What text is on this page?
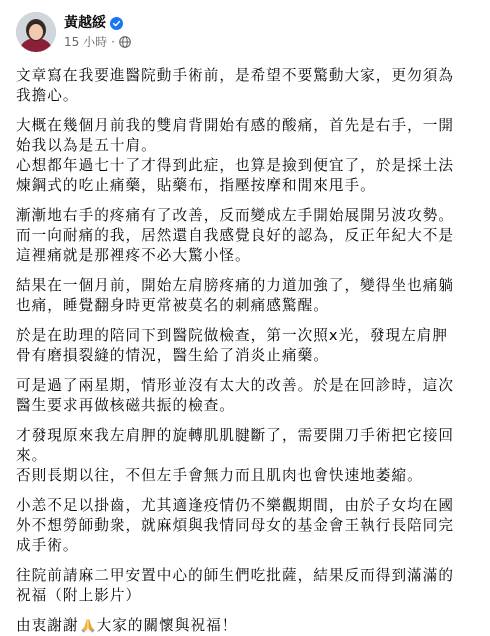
黃越綏
15 小時 ·

文章寫在我要進醫院動手術前，是希望不要驚動大家，更勿須為我擔心。

大概在幾個月前我的雙肩背開始有感的酸痛，首先是右手，一開始我以為是五十肩。
心想都年過七十了才得到此症，也算是撿到便宜了，於是採土法煉鋼式的吃止痛藥，貼藥布，指壓按摩和閒來甩手。

漸漸地右手的疼痛有了改善，反而變成左手開始展開另波攻勢。
而一向耐痛的我，居然還自我感覺良好的認為，反正年紀大不是這裡痛就是那裡疼不必大驚小怪。

結果在一個月前，開始左肩膀疼痛的力道加強了，變得坐也痛躺也痛，睡覺翻身時更常被莫名的刺痛感驚醒。

於是在助理的陪同下到醫院做檢查，第一次照x光，發現左肩胛骨有磨損裂縫的情況，醫生給了消炎止痛藥。

可是過了兩星期，情形並沒有太大的改善。於是在回診時，這次醫生要求再做核磁共振的檢查。

才發現原來我左肩胛的旋轉肌肌腱斷了，需要開刀手術把它接回來。
否則長期以往，不但左手會無力而且肌肉也會快速地萎縮。

小恙不足以掛齒，尤其適逢疫情仍不樂觀期間，由於子女均在國外不想勞師動衆，就麻煩與我情同母女的基金會王執行長陪同完成手術。

往院前請麻二甲安置中心的師生們吃批薩，結果反而得到滿滿的祝福（附上影片）

由衷謝謝 大家的關懷與祝福！
